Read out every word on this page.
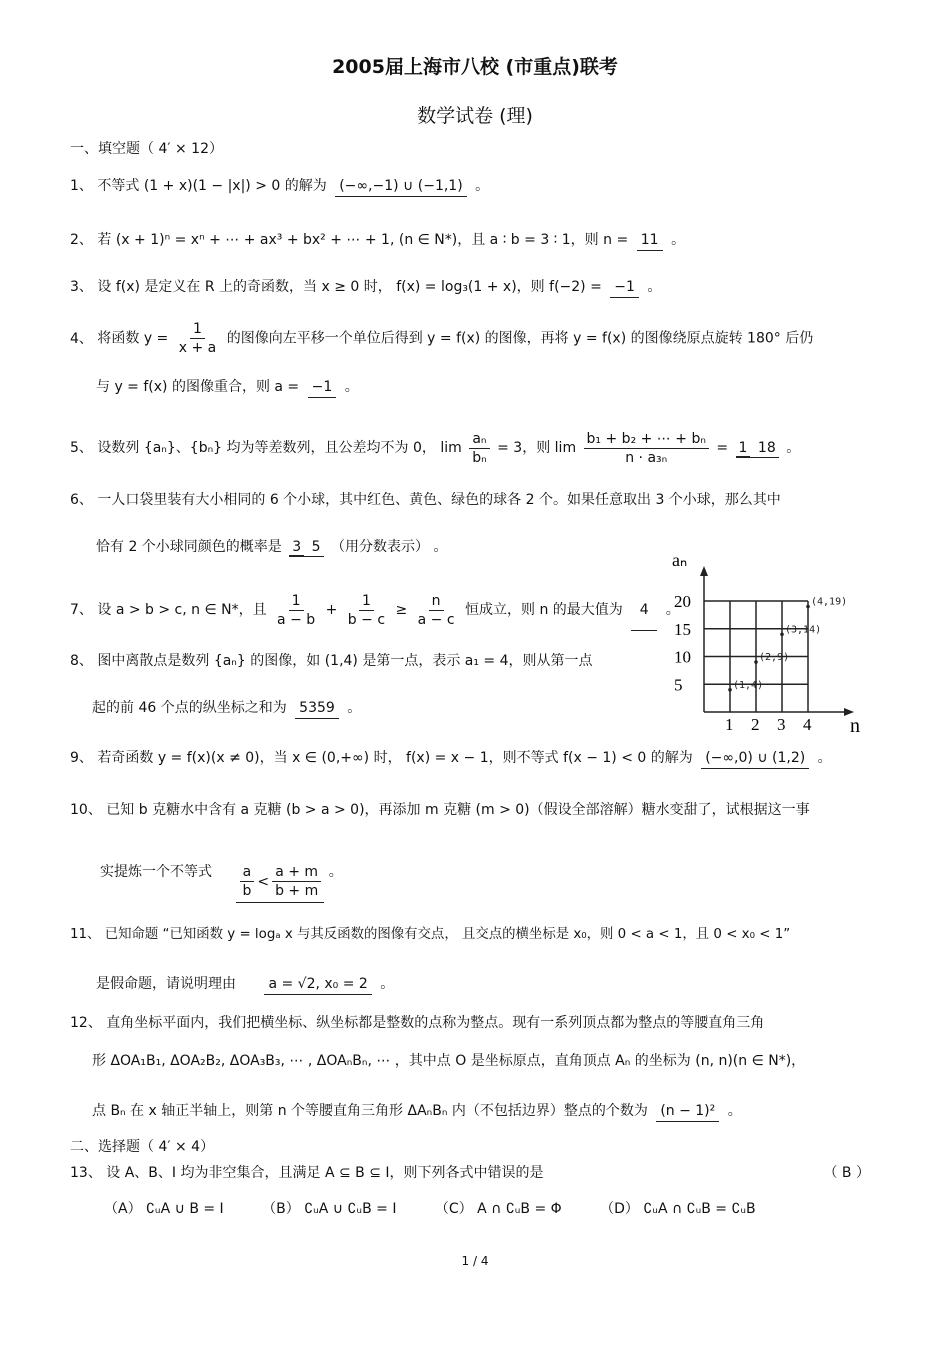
2005届上海市八校 (市重点)联考
数学试卷 (理)
一、填空题（ 4′ × 12）
1、 不等式 (1 + x)(1 − |x|) > 0 的解为 (−∞,−1) ∪ (−1,1) 。
2、 若 (x + 1)ⁿ = xⁿ + ⋯ + ax³ + bx² + ⋯ + 1, (n ∈ N*)，且 a ∶ b = 3 ∶ 1，则 n = 11 。
3、 设 f(x) 是定义在 R 上的奇函数，当 x ≥ 0 时， f(x) = log₃(1 + x)，则 f(−2) = −1 。
4、 将函数 $y = \frac{1}{x + a}$ 的图像向左平移一个单位后得到 y = f(x) 的图像，再将 y = f(x) 的图像绕原点旋转 180° 后仍
与 y = f(x) 的图像重合，则 a = −1 。
5、 设数列 {aₙ}、{bₙ} 均为等差数列，且公差均不为 0， $\lim \frac{\text{aₙ}}{\text{bₙ}} = 3$，则 $\lim \frac{\text{b₁ + b₂ + ⋯ + bₙ}}{\text{n · a₃ₙ}} = 1$ 18 。
6、 一人口袋里装有大小相同的 6 个小球，其中红色、黄色、绿色的球各 2 个。如果任意取出 3 个小球，那么其中
恰有 2 个小球同颜色的概率是 3 5 （用分数表示） 。
7、 设 a > b > c, n ∈ N*，且 $\frac{1}{a - b} + \frac{1}{b - c} \ge \frac{n}{a - c}$ 恒成立，则 n 的最大值为 4 。
8、 图中离散点是数列 {aₙ} 的图像，如 (1,4) 是第一点，表示 a₁ = 4，则从第一点
起的前 46 个点的纵坐标之和为 5359 。
aₙ
n
1 2 3 4
5
10
15
20
(1,4)
(2,9)
(3,14)
(4,19)
9、 若奇函数 y = f(x)(x ≠ 0)，当 x ∈ (0,+∞) 时， f(x) = x − 1，则不等式 f(x − 1) < 0 的解为 (−∞,0) ∪ (1,2) 。
10、 已知 b 克糖水中含有 a 克糖 (b > a > 0)，再添加 m 克糖 (m > 0)（假设全部溶解）糖水变甜了，试根据这一事
实提炼一个不等式 $\frac{a}{b} < \frac{a + m}{b + m}$ 。
11、 已知命题 “已知函数 y = logₐ x 与其反函数的图像有交点， 且交点的横坐标是 x₀，则 0 < a < 1，且 0 < x₀ < 1”
是假命题，请说明理由 a = √2, x₀ = 2 。
12、 直角坐标平面内，我们把横坐标、纵坐标都是整数的点称为整点。现有一系列顶点都为整点的等腰直角三角
形 ΔOA₁B₁, ΔOA₂B₂, ΔOA₃B₃, ⋯ , ΔOAₙBₙ, ⋯ ，其中点 O 是坐标原点，直角顶点 Aₙ 的坐标为 (n, n)(n ∈ N*)，
点 Bₙ 在 x 轴正半轴上，则第 n 个等腰直角三角形 ΔAₙBₙ 内（不包括边界）整点的个数为 (n − 1)² 。
二、选择题（ 4′ × 4）
13、 设 A、B、I 均为非空集合，且满足 A ⊆ B ⊆ I，则下列各式中错误的是	（ B ）
（A） ∁ᵤA ∪ B = I	（B） ∁ᵤA ∪ ∁ᵤB = I	（C） A ∩ ∁ᵤB = Φ	（D） ∁ᵤA ∩ ∁ᵤB = ∁ᵤB
1 / 4
